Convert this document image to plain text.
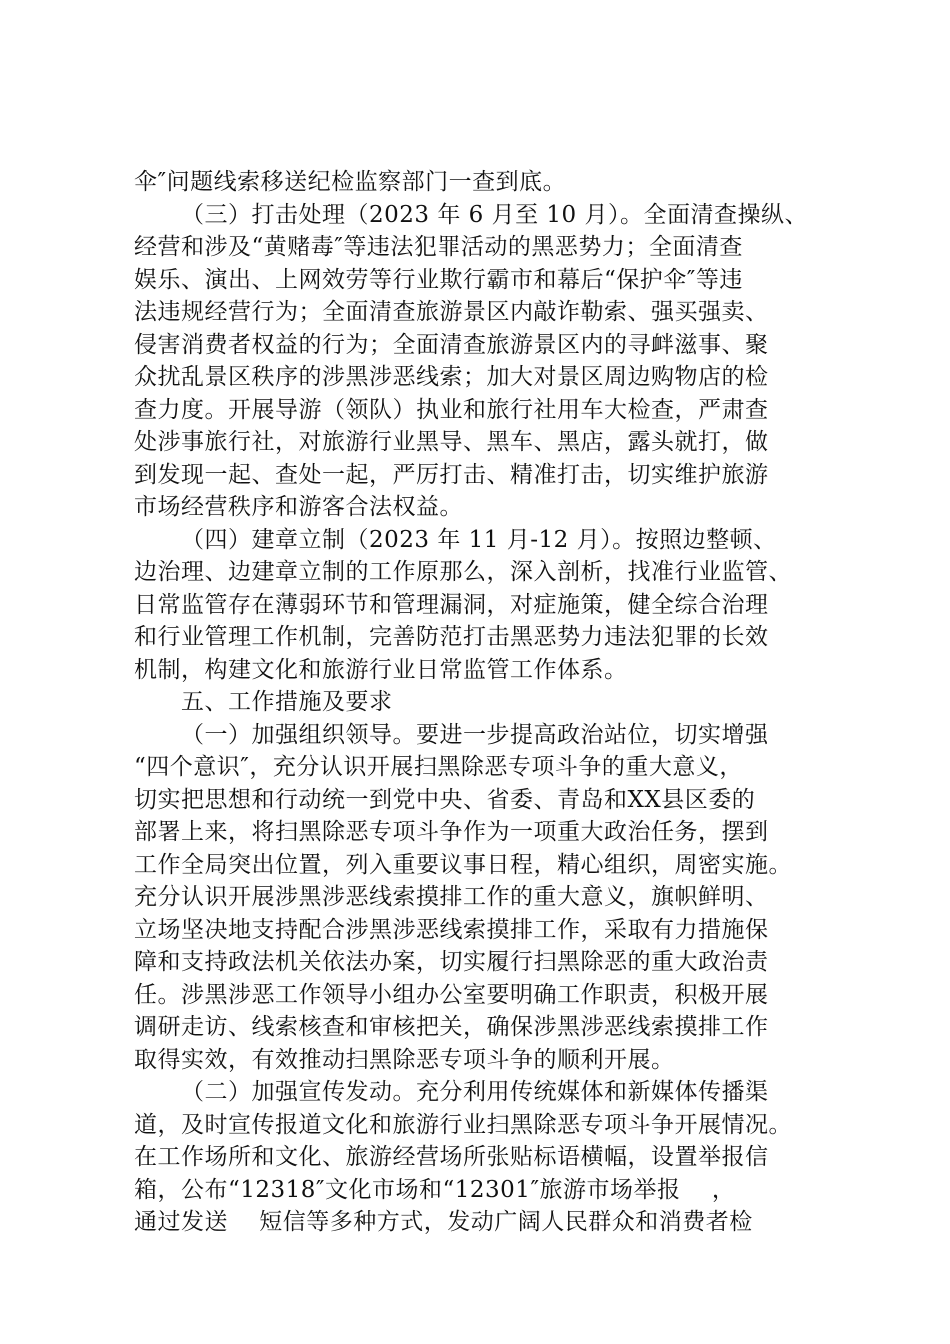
伞″问题线索移送纪检监察部门一查到底。
（三）打击处理（2023 年 6 月至 10 月）。全面清查操纵、
经营和涉及“黄赌毒″等违法犯罪活动的黑恶势力；全面清查
娱乐、演出、上网效劳等行业欺行霸市和幕后“保护伞″等违
法违规经营行为；全面清查旅游景区内敲诈勒索、强买强卖、
侵害消费者权益的行为；全面清查旅游景区内的寻衅滋事、聚
众扰乱景区秩序的涉黑涉恶线索；加大对景区周边购物店的检
查力度。开展导游（领队）执业和旅行社用车大检查，严肃查
处涉事旅行社，对旅游行业黑导、黑车、黑店，露头就打，做
到发现一起、查处一起，严厉打击、精准打击，切实维护旅游
市场经营秩序和游客合法权益。
（四）建章立制（2023 年 11 月-12 月）。按照边整顿、
边治理、边建章立制的工作原那么，深入剖析，找准行业监管、
日常监管存在薄弱环节和管理漏洞，对症施策，健全综合治理
和行业管理工作机制，完善防范打击黑恶势力违法犯罪的长效
机制，构建文化和旅游行业日常监管工作体系。
五、工作措施及要求
（一）加强组织领导。要进一步提高政治站位，切实增强
“四个意识″，充分认识开展扫黑除恶专项斗争的重大意义，
切实把思想和行动统一到党中央、省委、青岛和XX县区委的
部署上来，将扫黑除恶专项斗争作为一项重大政治任务，摆到
工作全局突出位置，列入重要议事日程，精心组织，周密实施。
充分认识开展涉黑涉恶线索摸排工作的重大意义，旗帜鲜明、
立场坚决地支持配合涉黑涉恶线索摸排工作，采取有力措施保
障和支持政法机关依法办案，切实履行扫黑除恶的重大政治责
任。涉黑涉恶工作领导小组办公室要明确工作职责，积极开展
调研走访、线索核查和审核把关，确保涉黑涉恶线索摸排工作
取得实效，有效推动扫黑除恶专项斗争的顺利开展。
（二）加强宣传发动。充分利用传统媒体和新媒体传播渠
道，及时宣传报道文化和旅游行业扫黑除恶专项斗争开展情况。
在工作场所和文化、旅游经营场所张贴标语横幅，设置举报信
箱，公布“12318″文化市场和“12301″旅游市场举报　 ，
通过发送　 短信等多种方式，发动广阔人民群众和消费者检
